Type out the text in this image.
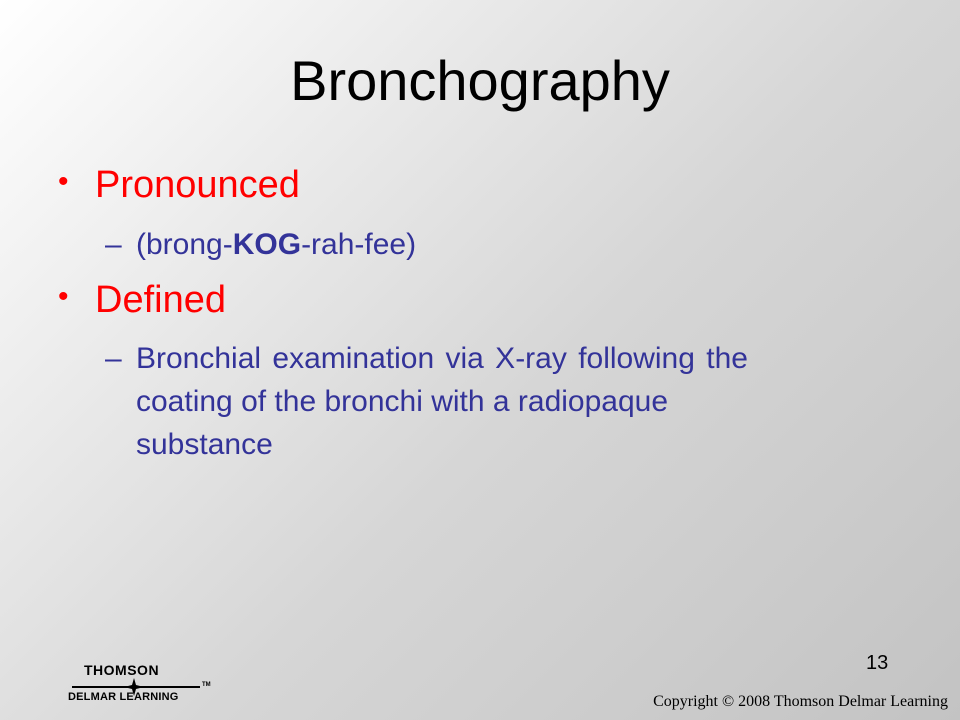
Bronchography
• Pronounced
– (brong-KOG-rah-fee)
• Defined
– Bronchial examination via X-ray following the
coating of the bronchi with a radiopaque
substance
13
THOMSON
DELMAR LEARNING
TM
Copyright © 2008 Thomson Delmar Learning
